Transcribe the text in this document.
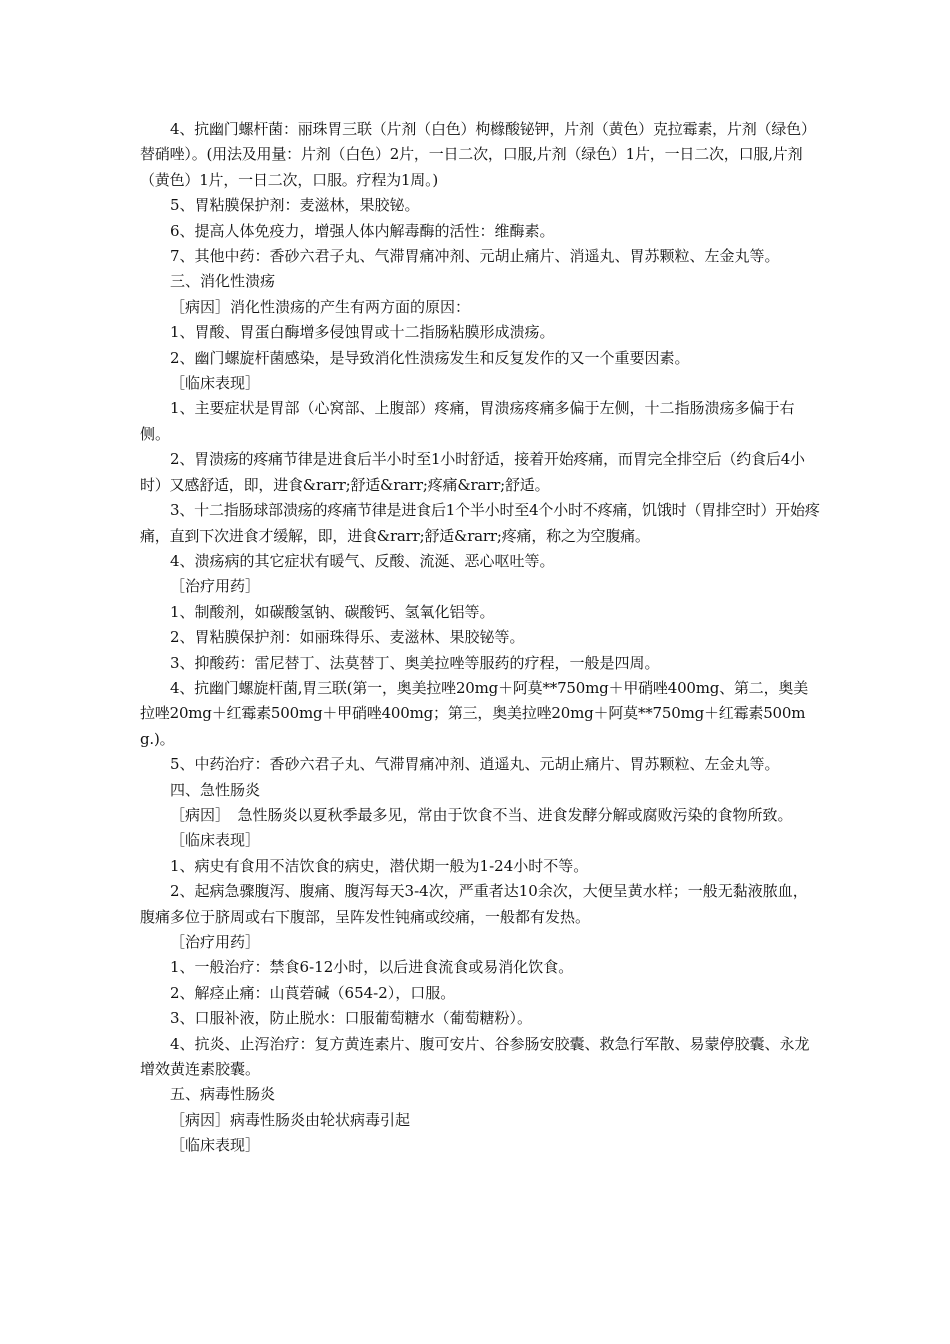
4、抗幽门螺杆菌：丽珠胃三联（片剂（白色）枸橼酸铋钾，片剂（黄色）克拉霉素，片剂（绿色）替硝唑）。(用法及用量：片剂（白色）2片，一日二次，口服,片剂（绿色）1片，一日二次，口服,片剂（黄色）1片，一日二次，口服。疗程为1周。)

5、胃粘膜保护剂：麦滋林，果胶铋。

6、提高人体免疫力，增强人体内解毒酶的活性：维酶素。

7、其他中药：香砂六君子丸、气滞胃痛冲剂、元胡止痛片、消遥丸、胃苏颗粒、左金丸等。

三、消化性溃疡

［病因］消化性溃疡的产生有两方面的原因：

1、胃酸、胃蛋白酶增多侵蚀胃或十二指肠粘膜形成溃疡。

2、幽门螺旋杆菌感染，是导致消化性溃疡发生和反复发作的又一个重要因素。

［临床表现］

1、主要症状是胃部（心窝部、上腹部）疼痛，胃溃疡疼痛多偏于左侧，十二指肠溃疡多偏于右侧。

2、胃溃疡的疼痛节律是进食后半小时至1小时舒适，接着开始疼痛，而胃完全排空后（约食后4小时）又感舒适，即，进食&rarr;舒适&rarr;疼痛&rarr;舒适。

3、十二指肠球部溃疡的疼痛节律是进食后1个半小时至4个小时不疼痛，饥饿时（胃排空时）开始疼痛，直到下次进食才缓解，即，进食&rarr;舒适&rarr;疼痛，称之为空腹痛。

4、溃疡病的其它症状有暖气、反酸、流涎、恶心呕吐等。

［治疗用药］

1、制酸剂，如碳酸氢钠、碳酸钙、氢氧化铝等。

2、胃粘膜保护剂：如丽珠得乐、麦滋林、果胶铋等。

3、抑酸药：雷尼替丁、法莫替丁、奥美拉唑等服药的疗程，一般是四周。

4、抗幽门螺旋杆菌,胃三联(第一，奥美拉唑20mg＋阿莫**750mg＋甲硝唑400mg、第二，奥美拉唑20mg＋红霉素500mg＋甲硝唑400mg；第三，奥美拉唑20mg＋阿莫**750mg＋红霉素500mg.)。

5、中药治疗：香砂六君子丸、气滞胃痛冲剂、逍遥丸、元胡止痛片、胃苏颗粒、左金丸等。

四、急性肠炎

［病因］　急性肠炎以夏秋季最多见，常由于饮食不当、进食发酵分解或腐败污染的食物所致。

［临床表现］

1、病史有食用不洁饮食的病史，潜伏期一般为1-24小时不等。

2、起病急骤腹泻、腹痛、腹泻每天3-4次，严重者达10余次，大便呈黄水样；一般无黏液脓血，腹痛多位于脐周或右下腹部，呈阵发性钝痛或绞痛，一般都有发热。

［治疗用药］

1、一般治疗：禁食6-12小时，以后进食流食或易消化饮食。

2、解痉止痛：山莨菪碱（654-2），口服。

3、口服补液，防止脱水：口服葡萄糖水（葡萄糖粉）。

4、抗炎、止泻治疗：复方黄连素片、腹可安片、谷参肠安胶囊、救急行军散、易蒙停胶囊、永龙增效黄连素胶囊。

五、病毒性肠炎

［病因］病毒性肠炎由轮状病毒引起

［临床表现］
